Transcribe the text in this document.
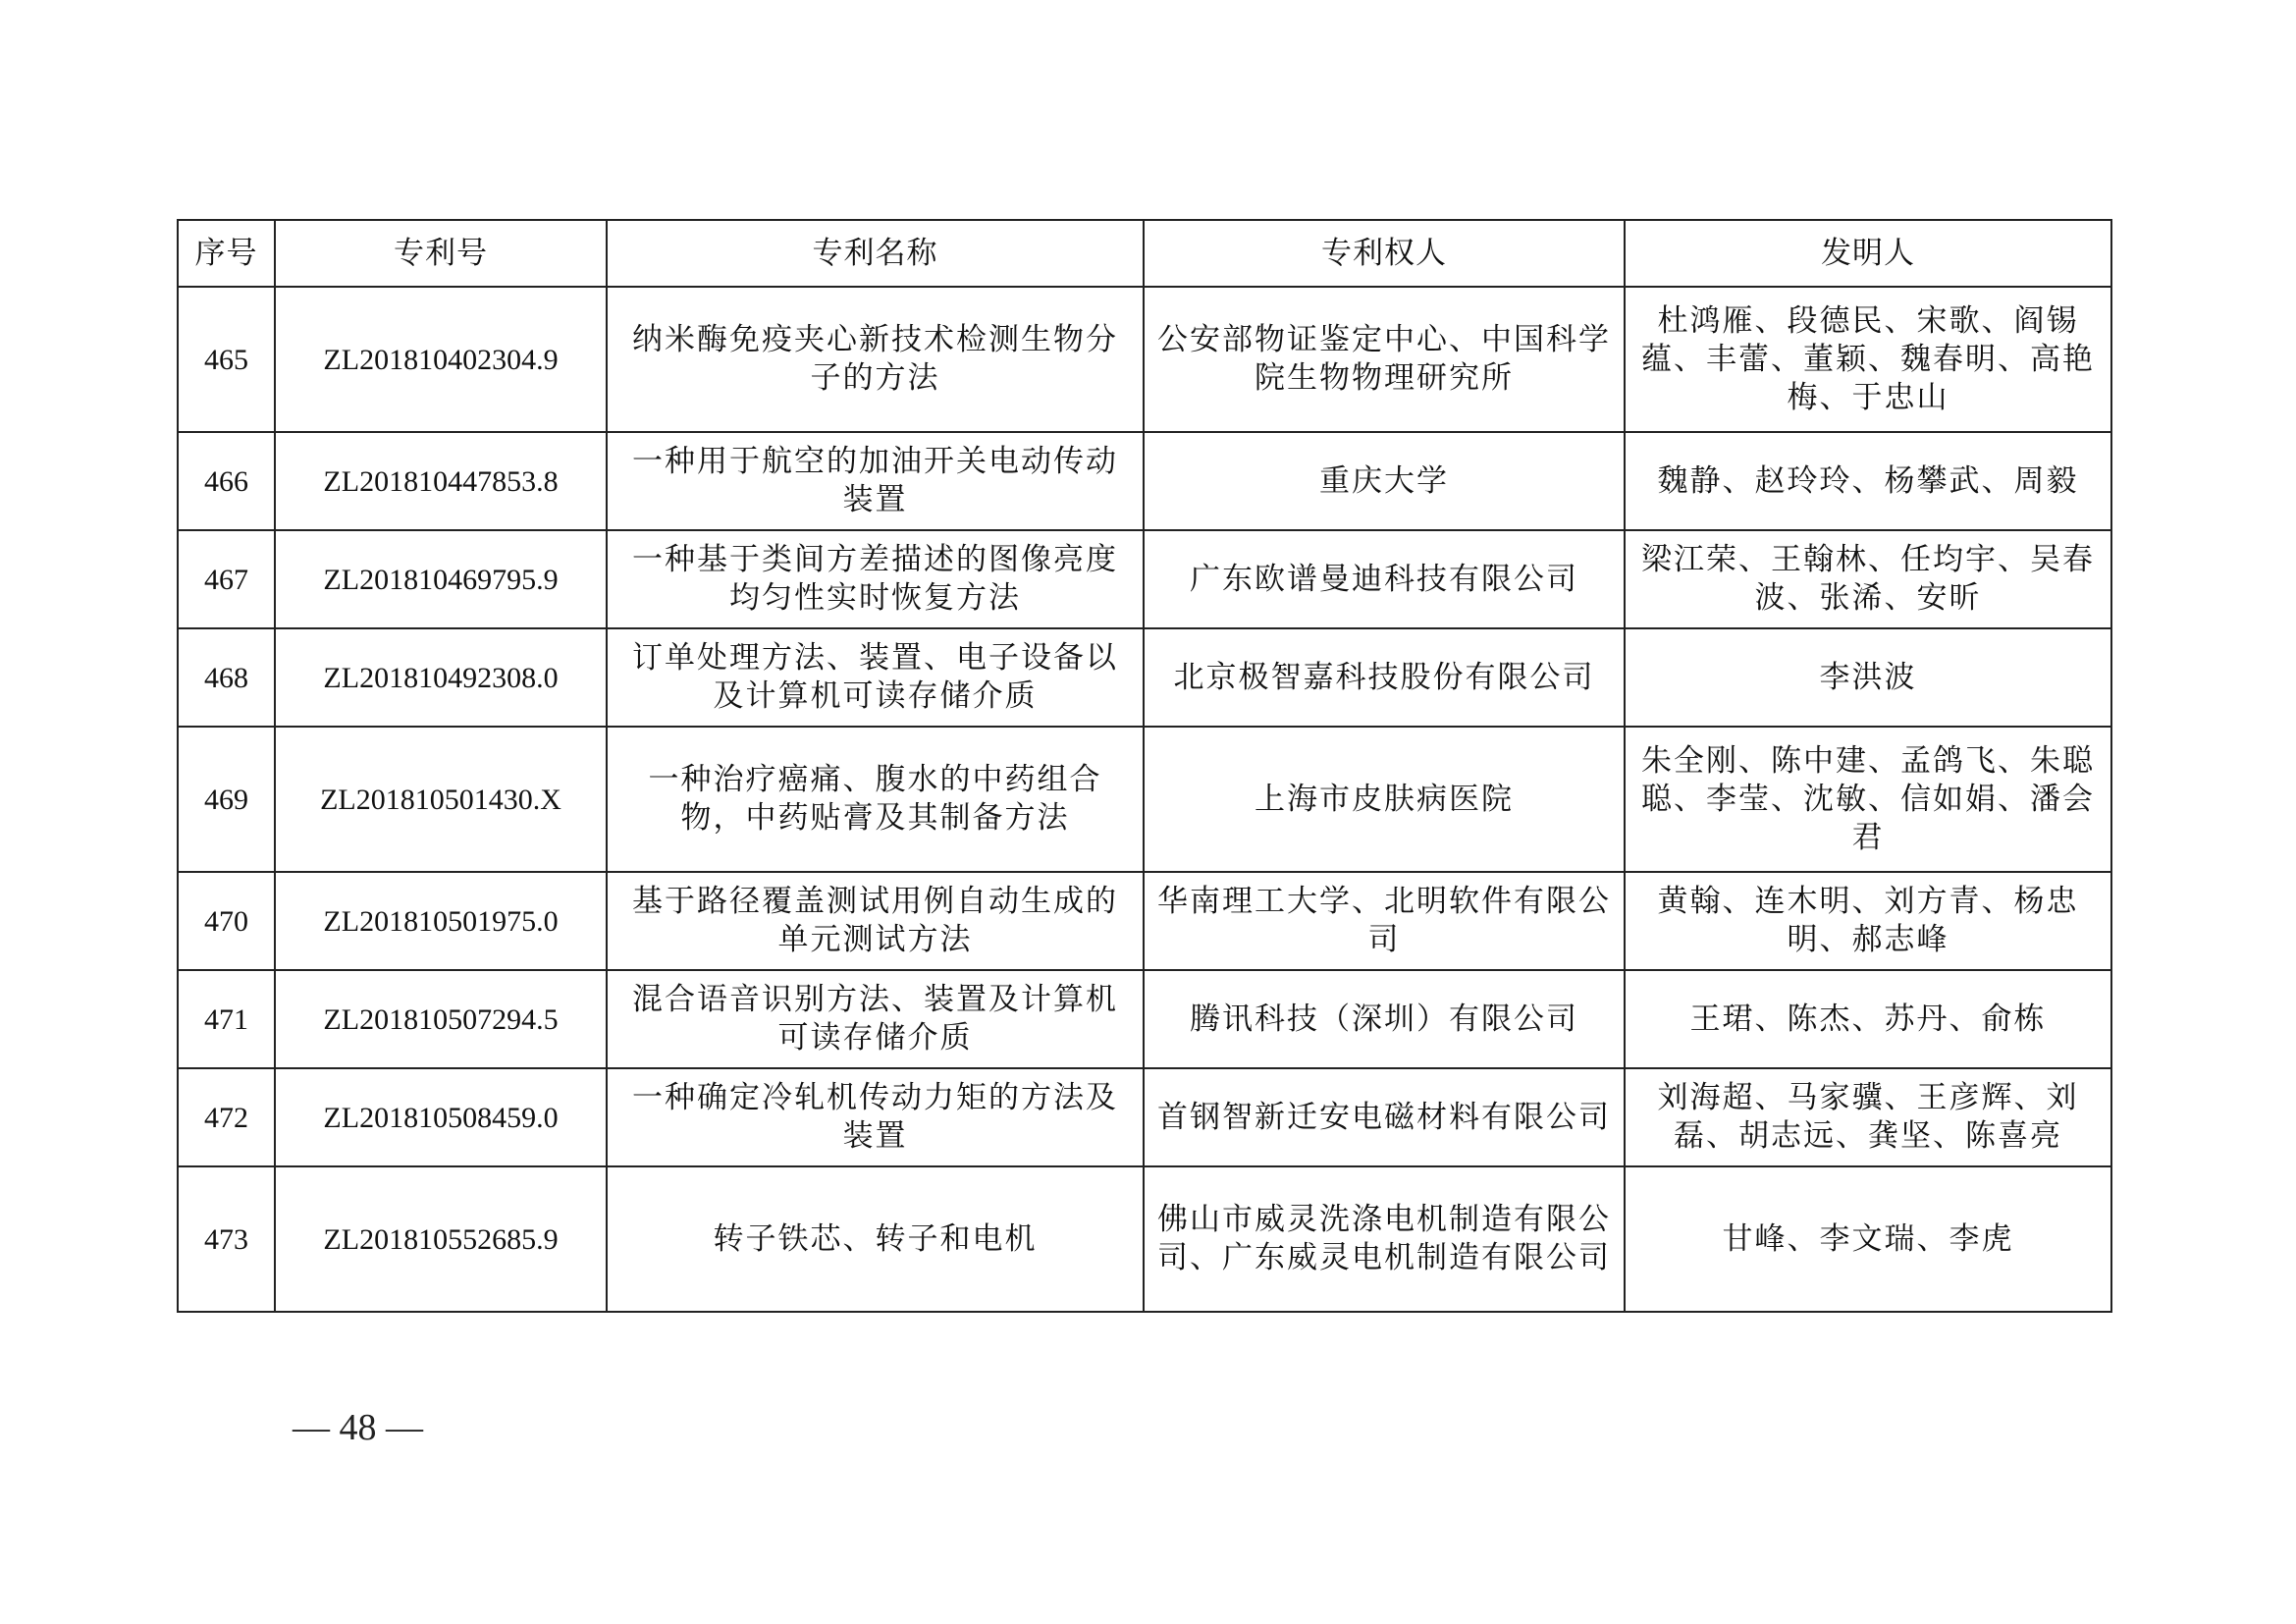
序号	专利号	专利名称	专利权人	发明人
465	ZL201810402304.9	纳米酶免疫夹心新技术检测生物分子的方法	公安部物证鉴定中心、中国科学院生物物理研究所	杜鸿雁、段德民、宋歌、阎锡蕴、丰蕾、董颖、魏春明、高艳梅、于忠山
466	ZL201810447853.8	一种用于航空的加油开关电动传动装置	重庆大学	魏静、赵玲玲、杨攀武、周毅
467	ZL201810469795.9	一种基于类间方差描述的图像亮度均匀性实时恢复方法	广东欧谱曼迪科技有限公司	梁江荣、王翰林、任均宇、吴春波、张浠、安昕
468	ZL201810492308.0	订单处理方法、装置、电子设备以及计算机可读存储介质	北京极智嘉科技股份有限公司	李洪波
469	ZL201810501430.X	一种治疗癌痛、腹水的中药组合物，中药贴膏及其制备方法	上海市皮肤病医院	朱全刚、陈中建、孟鸽飞、朱聪聪、李莹、沈敏、信如娟、潘会君
470	ZL201810501975.0	基于路径覆盖测试用例自动生成的单元测试方法	华南理工大学、北明软件有限公司	黄翰、连木明、刘方青、杨忠明、郝志峰
471	ZL201810507294.5	混合语音识别方法、装置及计算机可读存储介质	腾讯科技（深圳）有限公司	王珺、陈杰、苏丹、俞栋
472	ZL201810508459.0	一种确定冷轧机传动力矩的方法及装置	首钢智新迁安电磁材料有限公司	刘海超、马家骥、王彦辉、刘磊、胡志远、龚坚、陈喜亮
473	ZL201810552685.9	转子铁芯、转子和电机	佛山市威灵洗涤电机制造有限公司、广东威灵电机制造有限公司	甘峰、李文瑞、李虎
— 48 —
